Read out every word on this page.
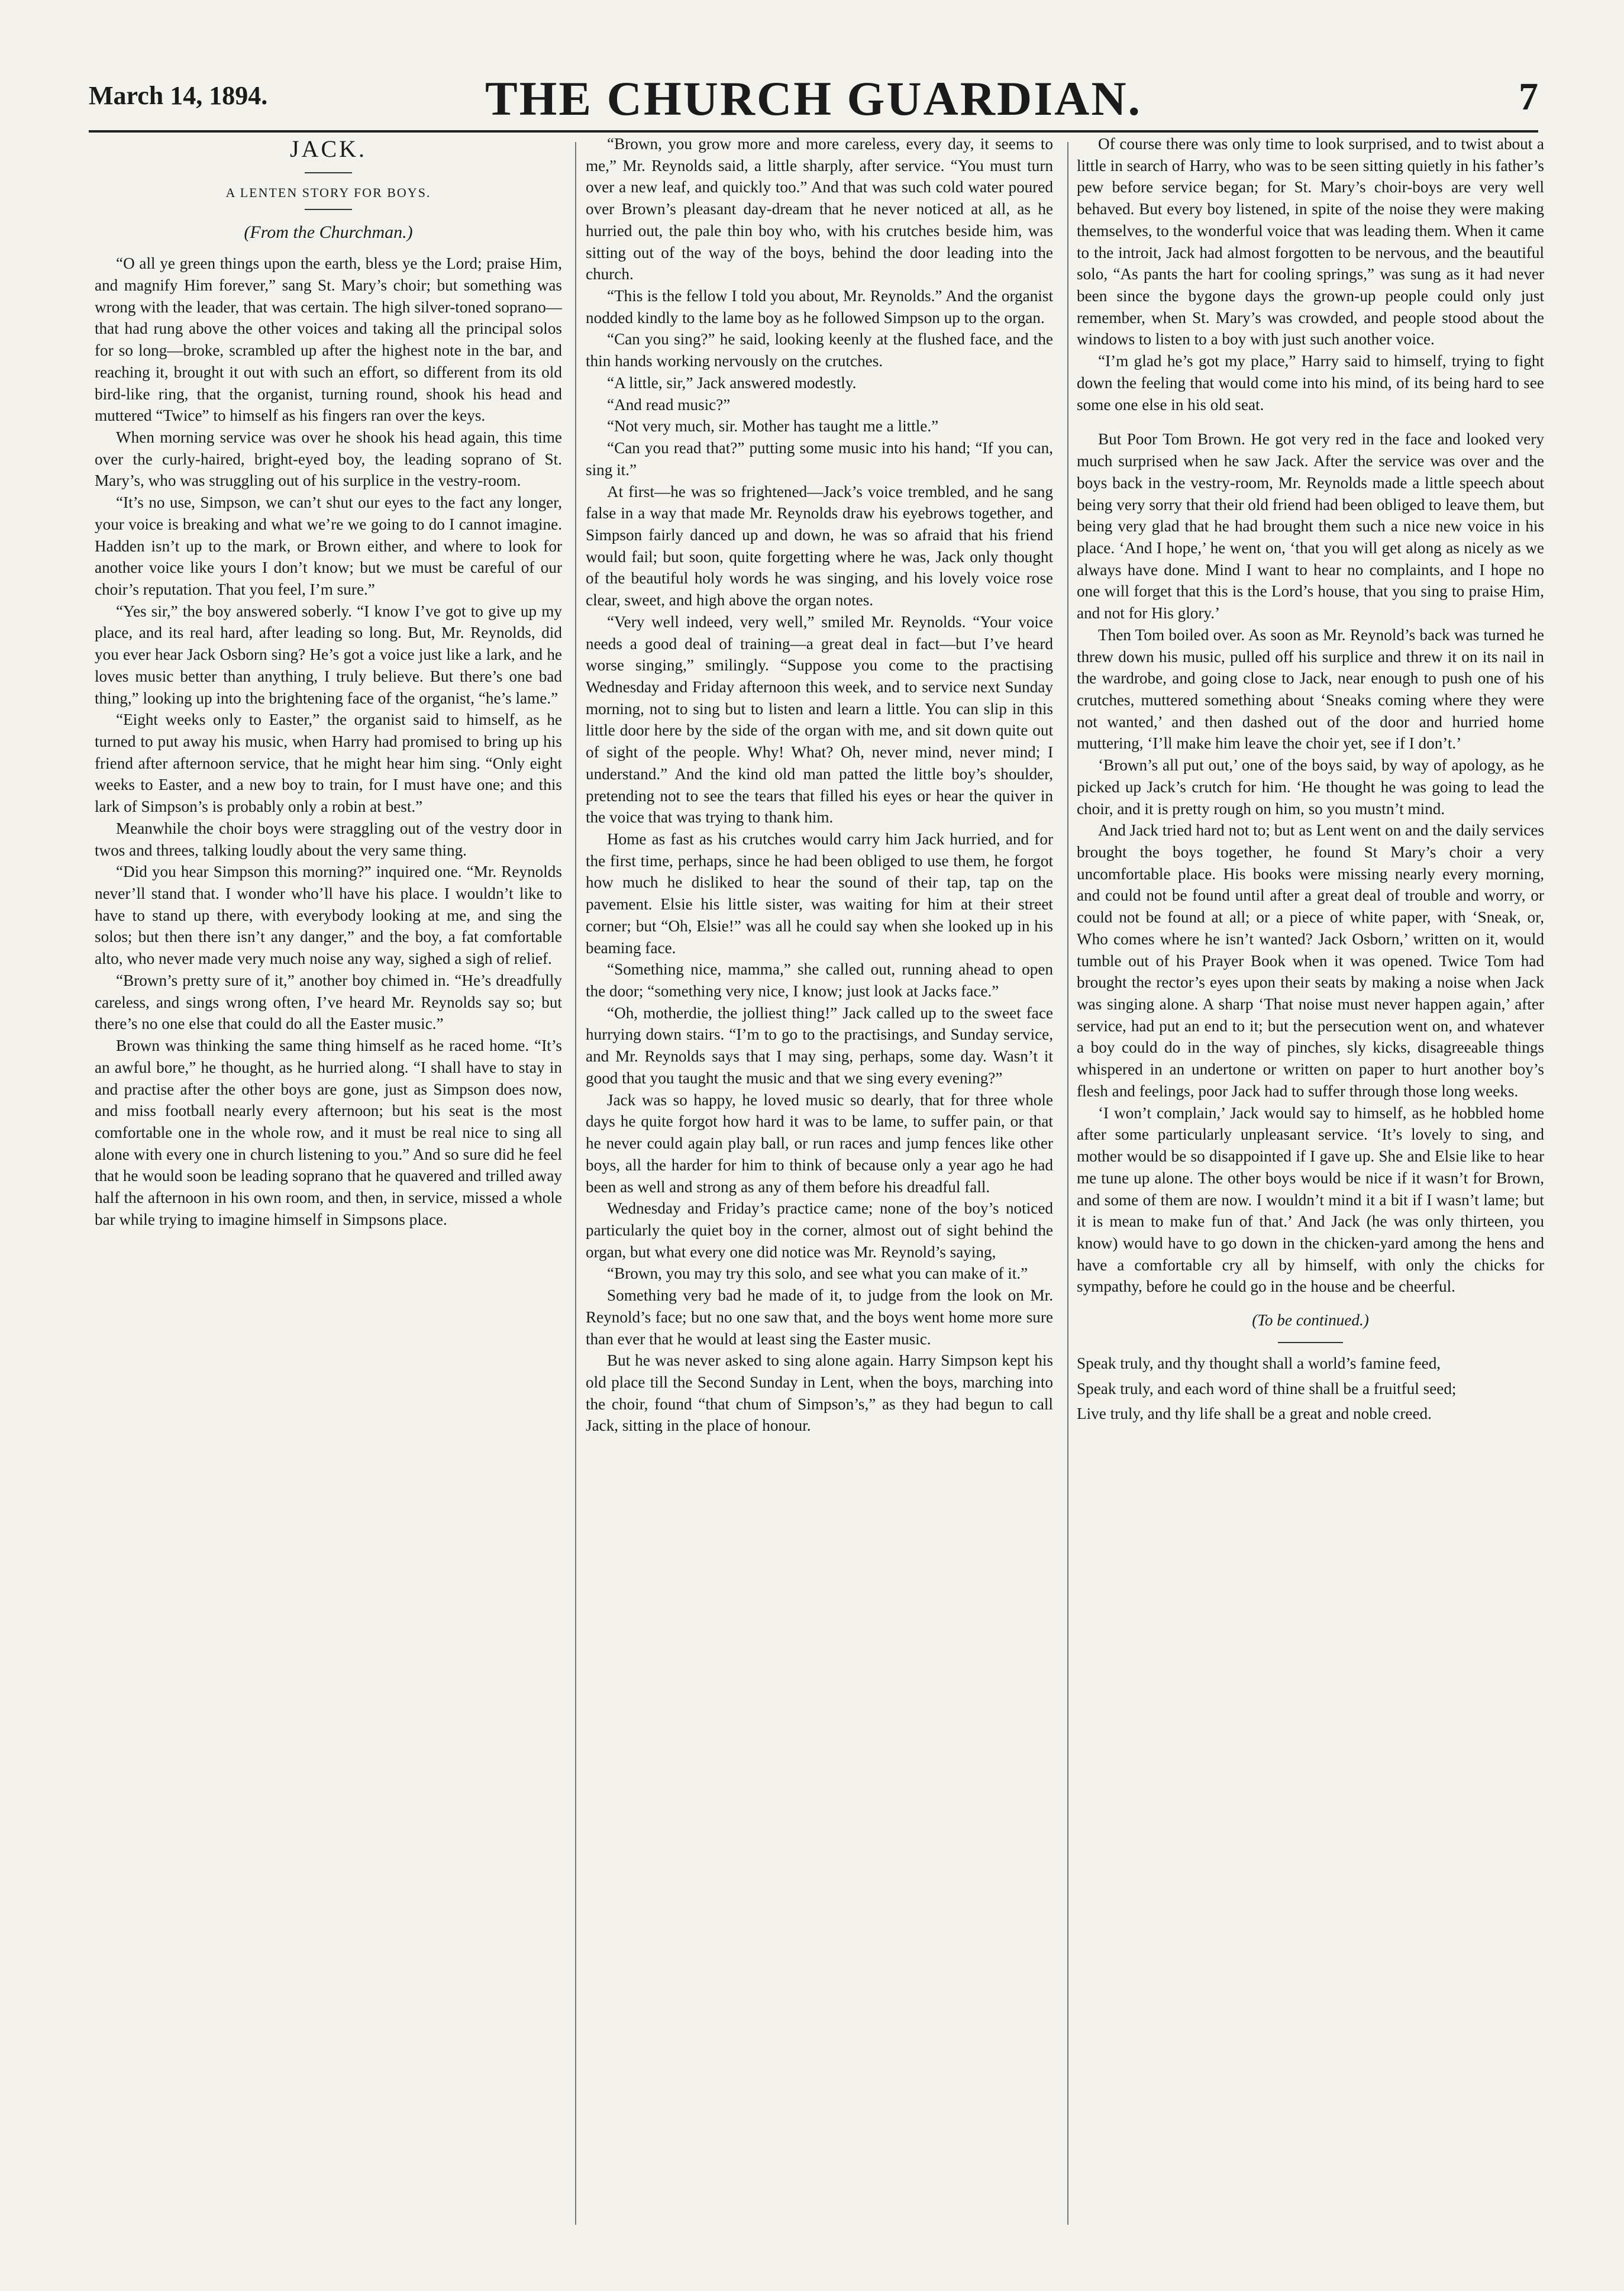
March 14, 1894.	THE CHURCH GUARDIAN.	7
JACK.
A LENTEN STORY FOR BOYS.
(From the Churchman.)

“O all ye green things upon the earth, bless ye the Lord; praise Him, and magnify Him forever,” sang St. Mary’s choir; but something was wrong with the leader, that was certain. The high silver-toned soprano—that had rung above the other voices and taking all the principal solos for so long—broke, scrambled up after the highest note in the bar, and reaching it, brought it out with such an effort, so different from its old bird-like ring, that the organist, turning round, shook his head and muttered “Twice” to himself as his fingers ran over the keys.

When morning service was over he shook his head again, this time over the curly-haired, bright-eyed boy, the leading soprano of St. Mary’s, who was struggling out of his surplice in the vestry-room.

“It’s no use, Simpson, we can’t shut our eyes to the fact any longer, your voice is breaking and what we’re we going to do I cannot imagine. Hadden isn’t up to the mark, or Brown either, and where to look for another voice like yours I don’t know; but we must be careful of our choir’s reputation. That you feel, I’m sure.”

“Yes sir,” the boy answered soberly. “I know I’ve got to give up my place, and its real hard, after leading so long. But, Mr. Reynolds, did you ever hear Jack Osborn sing? He’s got a voice just like a lark, and he loves music better than anything, I truly believe. But there’s one bad thing,” looking up into the brightening face of the organist, “he’s lame.”

“Eight weeks only to Easter,” the organist said to himself, as he turned to put away his music, when Harry had promised to bring up his friend after afternoon service, that he might hear him sing. “Only eight weeks to Easter, and a new boy to train, for I must have one; and this lark of Simpson’s is probably only a robin at best.”

Meanwhile the choir boys were straggling out of the vestry door in twos and threes, talking loudly about the very same thing.

“Did you hear Simpson this morning?” inquired one. “Mr. Reynolds never’ll stand that. I wonder who’ll have his place. I wouldn’t like to have to stand up there, with everybody looking at me, and sing the solos; but then there isn’t any danger,” and the boy, a fat comfortable alto, who never made very much noise any way, sighed a sigh of relief.

“Brown’s pretty sure of it,” another boy chimed in. “He’s dreadfully careless, and sings wrong often, I’ve heard Mr. Reynolds say so; but there’s no one else that could do all the Easter music.”

Brown was thinking the same thing himself as he raced home. “It’s an awful bore,” he thought, as he hurried along. “I shall have to stay in and practise after the other boys are gone, just as Simpson does now, and miss football nearly every afternoon; but his seat is the most comfortable one in the whole row, and it must be real nice to sing all alone with every one in church listening to you.” And so sure did he feel that he would soon be leading soprano that he quavered and trilled away half the afternoon in his own room, and then, in service, missed a whole bar while trying to imagine himself in Simpsons place.

“Brown, you grow more and more careless, every day, it seems to me,” Mr. Reynolds said, a little sharply, after service. “You must turn over a new leaf, and quickly too.” And that was such cold water poured over Brown’s pleasant day-dream that he never noticed at all, as he hurried out, the pale thin boy who, with his crutches beside him, was sitting out of the way of the boys, behind the door leading into the church.

“This is the fellow I told you about, Mr. Reynolds.” And the organist nodded kindly to the lame boy as he followed Simpson up to the organ.

“Can you sing?” he said, looking keenly at the flushed face, and the thin hands working nervously on the crutches.

“A little, sir,” Jack answered modestly.

“And read music?”

“Not very much, sir. Mother has taught me a little.”

“Can you read that?” putting some music into his hand; “If you can, sing it.”

At first—he was so frightened—Jack’s voice trembled, and he sang false in a way that made Mr. Reynolds draw his eyebrows together, and Simpson fairly danced up and down, he was so afraid that his friend would fail; but soon, quite forgetting where he was, Jack only thought of the beautiful holy words he was singing, and his lovely voice rose clear, sweet, and high above the organ notes.

“Very well indeed, very well,” smiled Mr. Reynolds. “Your voice needs a good deal of training—a great deal in fact—but I’ve heard worse singing,” smilingly. “Suppose you come to the practising Wednesday and Friday afternoon this week, and to service next Sunday morning, not to sing but to listen and learn a little. You can slip in this little door here by the side of the organ with me, and sit down quite out of sight of the people. Why! What? Oh, never mind, never mind; I understand.” And the kind old man patted the little boy’s shoulder, pretending not to see the tears that filled his eyes or hear the quiver in the voice that was trying to thank him.

Home as fast as his crutches would carry him Jack hurried, and for the first time, perhaps, since he had been obliged to use them, he forgot how much he disliked to hear the sound of their tap, tap on the pavement. Elsie his little sister, was waiting for him at their street corner; but “Oh, Elsie!” was all he could say when she looked up in his beaming face.

“Something nice, mamma,” she called out, running ahead to open the door; “something very nice, I know; just look at Jacks face.”

“Oh, motherdie, the jolliest thing!” Jack called up to the sweet face hurrying down stairs. “I’m to go to the practisings, and Sunday service, and Mr. Reynolds says that I may sing, perhaps, some day. Wasn’t it good that you taught the music and that we sing every evening?”

Jack was so happy, he loved music so dearly, that for three whole days he quite forgot how hard it was to be lame, to suffer pain, or that he never could again play ball, or run races and jump fences like other boys, all the harder for him to think of because only a year ago he had been as well and strong as any of them before his dreadful fall.

Wednesday and Friday’s practice came; none of the boy’s noticed particularly the quiet boy in the corner, almost out of sight behind the organ, but what every one did notice was Mr. Reynold’s saying,

“Brown, you may try this solo, and see what you can make of it.”

Something very bad he made of it, to judge from the look on Mr. Reynold’s face; but no one saw that, and the boys went home more sure than ever that he would at least sing the Easter music.

But he was never asked to sing alone again. Harry Simpson kept his old place till the Second Sunday in Lent, when the boys, marching into the choir, found “that chum of Simpson’s,” as they had begun to call Jack, sitting in the place of honour.

Of course there was only time to look surprised, and to twist about a little in search of Harry, who was to be seen sitting quietly in his father’s pew before service began; for St. Mary’s choir-boys are very well behaved. But every boy listened, in spite of the noise they were making themselves, to the wonderful voice that was leading them. When it came to the introit, Jack had almost forgotten to be nervous, and the beautiful solo, “As pants the hart for cooling springs,” was sung as it had never been since the bygone days the grown-up people could only just remember, when St. Mary’s was crowded, and people stood about the windows to listen to a boy with just such another voice.

“I’m glad he’s got my place,” Harry said to himself, trying to fight down the feeling that would come into his mind, of its being hard to see some one else in his old seat.

But Poor Tom Brown. He got very red in the face and looked very much surprised when he saw Jack. After the service was over and the boys back in the vestry-room, Mr. Reynolds made a little speech about being very sorry that their old friend had been obliged to leave them, but being very glad that he had brought them such a nice new voice in his place. ‘And I hope,’ he went on, ‘that you will get along as nicely as we always have done. Mind I want to hear no complaints, and I hope no one will forget that this is the Lord’s house, that you sing to praise Him, and not for His glory.’

Then Tom boiled over. As soon as Mr. Reynold’s back was turned he threw down his music, pulled off his surplice and threw it on its nail in the wardrobe, and going close to Jack, near enough to push one of his crutches, muttered something about ‘Sneaks coming where they were not wanted,’ and then dashed out of the door and hurried home muttering, ‘I’ll make him leave the choir yet, see if I don’t.’

‘Brown’s all put out,’ one of the boys said, by way of apology, as he picked up Jack’s crutch for him. ‘He thought he was going to lead the choir, and it is pretty rough on him, so you mustn’t mind.

And Jack tried hard not to; but as Lent went on and the daily services brought the boys together, he found St Mary’s choir a very uncomfortable place. His books were missing nearly every morning, and could not be found until after a great deal of trouble and worry, or could not be found at all; or a piece of white paper, with ‘Sneak, or, Who comes where he isn’t wanted? Jack Osborn,’ written on it, would tumble out of his Prayer Book when it was opened. Twice Tom had brought the rector’s eyes upon their seats by making a noise when Jack was singing alone. A sharp ‘That noise must never happen again,’ after service, had put an end to it; but the persecution went on, and whatever a boy could do in the way of pinches, sly kicks, disagreeable things whispered in an undertone or written on paper to hurt another boy’s flesh and feelings, poor Jack had to suffer through those long weeks.

‘I won’t complain,’ Jack would say to himself, as he hobbled home after some particularly unpleasant service. ‘It’s lovely to sing, and mother would be so disappointed if I gave up. She and Elsie like to hear me tune up alone. The other boys would be nice if it wasn’t for Brown, and some of them are now. I wouldn’t mind it a bit if I wasn’t lame; but it is mean to make fun of that.’ And Jack (he was only thirteen, you know) would have to go down in the chicken-yard among the hens and have a comfortable cry all by himself, with only the chicks for sympathy, before he could go in the house and be cheerful.

(To be continued.)

Speak truly, and thy thought shall a world’s famine feed,

Speak truly, and each word of thine shall be a fruitful seed;

Live truly, and thy life shall be a great and noble creed.
